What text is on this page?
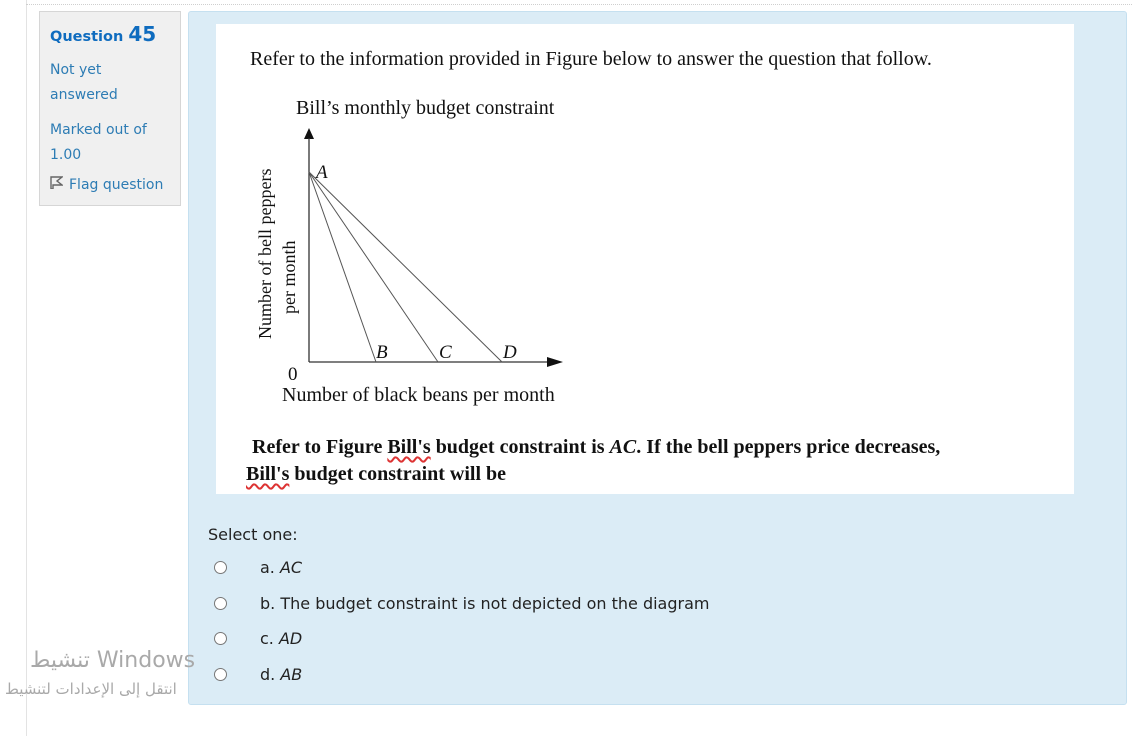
Question 45
Not yet
answered
Marked out of
1.00
Flag question
Refer to the information provided in Figure below to answer the question that follow.
Bill’s monthly budget constraint
A
B	C	D
0
Number of bell peppers per month
Number of black beans per month
Refer to Figure Bill's budget constraint is AC. If the bell peppers price decreases,
Bill's budget constraint will be
Select one:
a. AC
b. The budget constraint is not depicted on the diagram
c. AD
d. AB
تنشيط Windows
انتقل إلى الإعدادات لتنشيط
